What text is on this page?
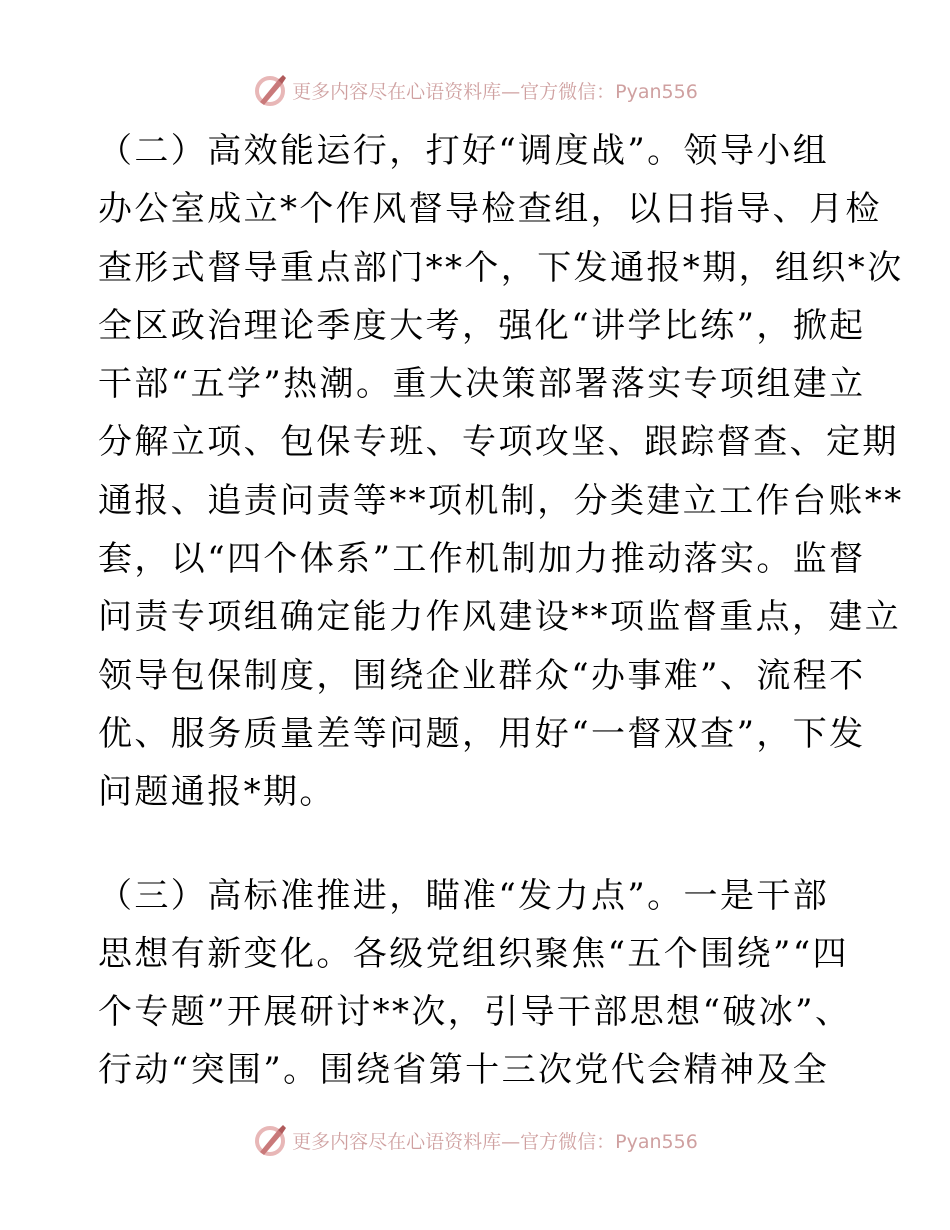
更多内容尽在心语资料库—官方微信：Pyan556
（二）高效能运行，打好“调度战”。领导小组
办公室成立*个作风督导检查组，以日指导、月检
查形式督导重点部门**个，下发通报*期，组织*次
全区政治理论季度大考，强化“讲学比练”，掀起
干部“五学”热潮。重大决策部署落实专项组建立
分解立项、包保专班、专项攻坚、跟踪督查、定期
通报、追责问责等**项机制，分类建立工作台账**
套，以“四个体系”工作机制加力推动落实。监督
问责专项组确定能力作风建设**项监督重点，建立
领导包保制度，围绕企业群众“办事难”、流程不
优、服务质量差等问题，用好“一督双查”，下发
问题通报*期。
（三）高标准推进，瞄准“发力点”。一是干部
思想有新变化。各级党组织聚焦“五个围绕”“四
个专题”开展研讨**次，引导干部思想“破冰”、
行动“突围”。围绕省第十三次党代会精神及全
更多内容尽在心语资料库—官方微信：Pyan556
